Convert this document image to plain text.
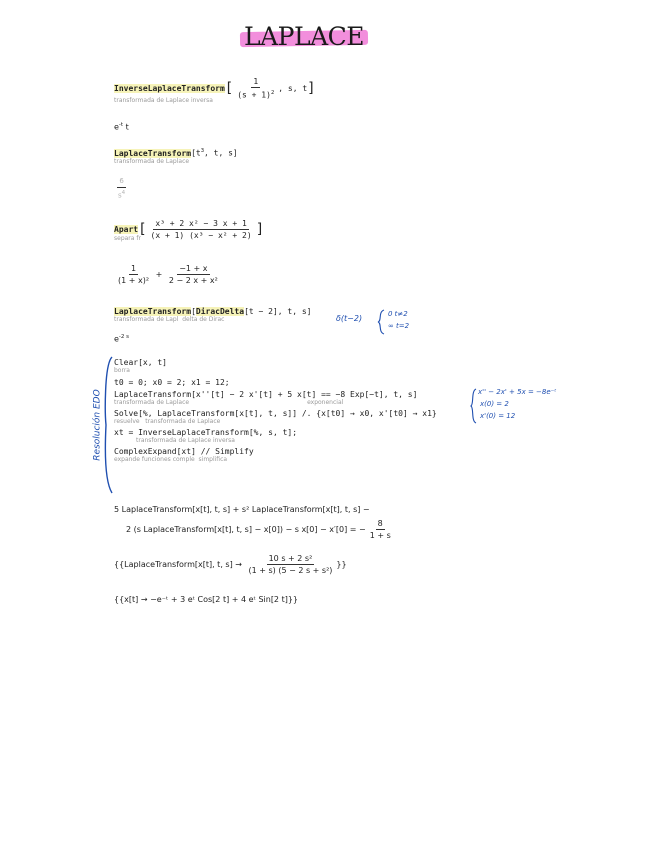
LAPLACE
InverseLaplaceTransform[ $\frac{1}{(s + 1)^2}$ , s, t]
transformada de Laplace inversa
$e^{-t}$ t
$LaplaceTransform[t^3$, t, s]
transformada de Laplace
$\frac{6}{s^4}$
Apart[ $\frac{\text{x³ + 2 x² − 3 x + 1}}{\text{(x + 1) (x³ − x² + 2)}}$ ]
separa fr
$\frac{1}{\text{(1 + x)²}} + \frac{-1 + x}{\text{2 − 2 x + x²}}$
LaplaceTransform[DiracDelta[t − 2], t, s]
transformada de Lapl delta de Dirac
$e^{-2 s}$
Clear[x, t]
borra
t0 = 0; x0 = 2; x1 = 12;
LaplaceTransform[x''[t] − 2 x'[t] + 5 x[t] == −8 Exp[−t], t, s]
transformada de Laplace	exponencial
Solve[%, LaplaceTransform[x[t], t, s]] /. {x[t0] → x0, x'[t0] → x1}
resuelve transformada de Laplace
xt = InverseLaplaceTransform[%, s, t];
transformada de Laplace inversa
ComplexExpand[xt] // Simplify
expande funciones comple simplifica
5 LaplaceTransform[x[t], t, s] + s² LaplaceTransform[x[t], t, s] −
2 (s LaplaceTransform[x[t], t, s] − x[0]) − s x[0] − x′[0] = − $\frac{8}{1 + s}$
{{LaplaceTransform[x[t], t, $s] \to \frac{\text{10 s + 2 s²}}{\text{(1 + s) (5 − 2 s + s²)}}$ }}
{{x[t] → −e⁻ᵗ + 3 eᵗ Cos[2 t] + 4 eᵗ Sin[2 t]}}
Resolución EDO
δ(t−2)	0 t≠2
∞ t=2
x'' − 2x' + 5x = −8e⁻ᵗ
x(0) = 2
x'(0) = 12
